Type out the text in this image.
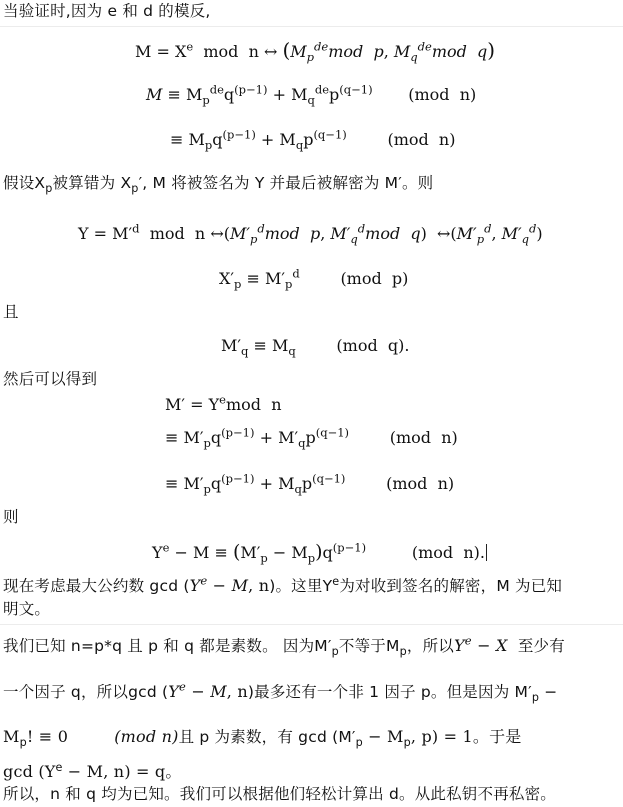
当验证时,因为 e 和 d 的模反,
$M = X^e$  mod  n ↔ ($M_pdemod$  p, $M_qdemod$  q)
$M \equiv M_pdeq^{(p-1)} + M_qdep^{(q-1)}$       (mod  n)
≡ $M_pq^{(p-1)} + M_qp^{(q-1)}$        (mod  n)
假设$X_p$被算错为 $X_p'$, M 将被签名为 Y 并最后被解密为 M′。则
$Y = M'^d$  mod  n $\leftrightarrow(M'_p^dmod$  p, $M'_q^dmod$  q)  $\leftrightarrow(M'_p^d$, $M'_q^d$)
$X'_p \equiv M'_p^d$        (mod  p)
且
$M'_q \equiv M_q$        (mod  q).
然后可以得到
$M' = Y^emod$  n
≡ $M'_pq^{(p-1)} + M'_qp^{(q-1)}$        (mod  n)
≡ $M'_pq^{(p-1)} + M_qp^{(q-1)}$        (mod  n)
则
$Y^e - M \equiv (M'_p - M_p)q^{(p-1)}$         (mod  n).
现在考虑最大公约数 $\gcd (Y^e - M$, n)。这里$Y^e$为对收到签名的解密，M 为已知
明文。
我们已知 n=p*q 且 p 和 q 都是素数。 因为$M'_p$不等于$M_p$，所以$Y^e - X$ 至少有
一个因子 q，所以$\gcd (Y^e - M$, n)最多还有一个非 1 因子 p。但是因为 $M'_p$ −
$M_p$! ≡ 0	(mod n)且 p 为素数，有 $\gcd (M'_p - M_p$, p) = 1。于是
$\gcd (Y^e - M$, n) = q。
所以，n 和 q 均为已知。我们可以根据他们轻松计算出 d。从此私钥不再私密。
